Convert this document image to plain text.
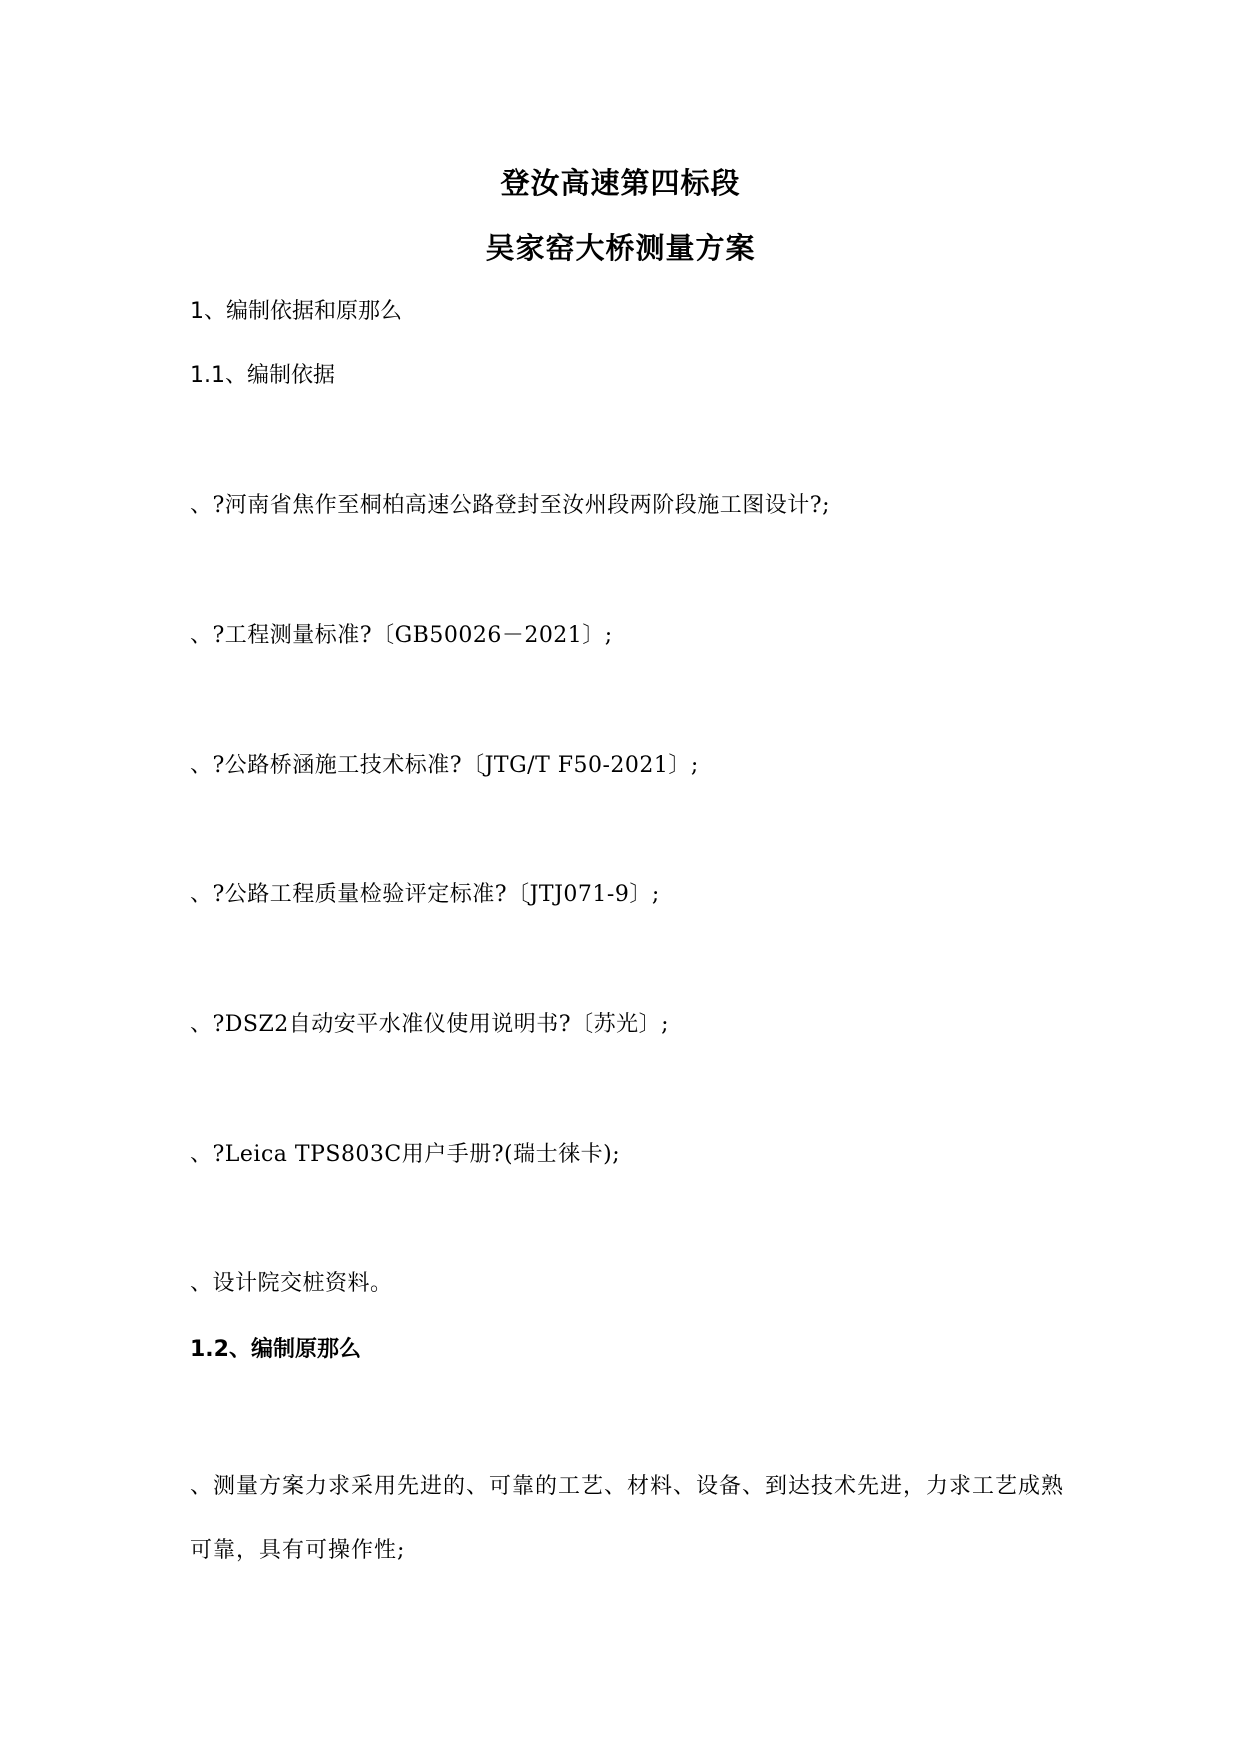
登汝高速第四标段
吴家窑大桥测量方案
1、编制依据和原那么
1.1、编制依据
、?河南省焦作至桐柏高速公路登封至汝州段两阶段施工图设计?;
、?工程测量标准?〔GB50026－2021〕;
、?公路桥涵施工技术标准?〔JTG/T F50-2021〕;
、?公路工程质量检验评定标准?〔JTJ071-9〕;
、?DSZ2自动安平水准仪使用说明书?〔苏光〕;
、?Leica TPS803C用户手册?(瑞士徕卡);
、设计院交桩资料。
1.2、编制原那么
、测量方案力求采用先进的、可靠的工艺、材料、设备、到达技术先进，力求工艺成熟可靠，具有可操作性;
